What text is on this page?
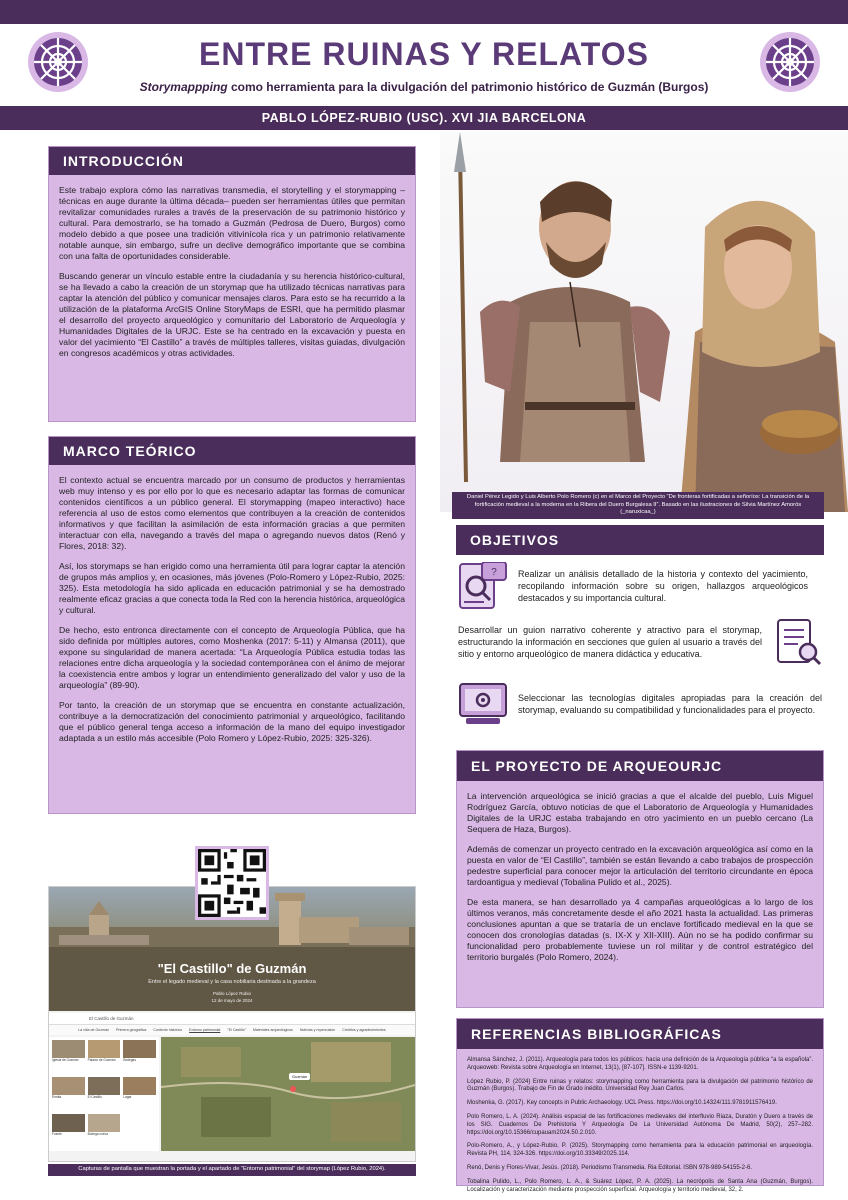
ENTRE RUINAS Y RELATOS
Storymappping como herramienta para la divulgación del patrimonio histórico de Guzmán (Burgos)
PABLO LÓPEZ-RUBIO (USC). XVI JIA BARCELONA
INTRODUCCIÓN

Este trabajo explora cómo las narrativas transmedia, el storytelling y el storymapping –técnicas en auge durante la última década– pueden ser herramientas útiles que permitan revitalizar comunidades rurales a través de la preservación de su patrimonio histórico y cultural. Para demostrarlo, se ha tomado a Guzmán (Pedrosa de Duero, Burgos) como modelo debido a que posee una tradición vitivinícola rica y un patrimonio relativamente notable aunque, sin embargo, sufre un declive demográfico importante que se combina con una falta de oportunidades considerable.

Buscando generar un vínculo estable entre la ciudadanía y su herencia histórico-cultural, se ha llevado a cabo la creación de un storymap que ha utilizado técnicas narrativas para captar la atención del público y comunicar mensajes claros. Para esto se ha recurrido a la utilización de la plataforma ArcGIS Online StoryMaps de ESRI, que ha permitido plasmar el desarrollo del proyecto arqueológico y comunitario del Laboratorio de Arqueología y Humanidades Digitales de la URJC. Este se ha centrado en la excavación y puesta en valor del yacimiento “El Castillo” a través de múltiples talleres, visitas guiadas, divulgación en congresos académicos y otras actividades.

MARCO TEÓRICO

El contexto actual se encuentra marcado por un consumo de productos y herramientas web muy intenso y es por ello por lo que es necesario adaptar las formas de comunicar contenidos científicos a un público general. El storymapping (mapeo interactivo) hace referencia al uso de estos como elementos que contribuyen a la creación de contenidos informativos y que facilitan la asimilación de esta información gracias a que permiten interactuar con ella, navegando a través del mapa o agregando nuevos datos (Renó y Flores, 2018: 32).

Así, los storymaps se han erigido como una herramienta útil para lograr captar la atención de grupos más amplios y, en ocasiones, más jóvenes (Polo-Romero y López-Rubio, 2025: 325). Esta metodología ha sido aplicada en educación patrimonial y se ha demostrado realmente eficaz gracias a que conecta toda la Red con la herencia histórica, arqueológica y cultural.

De hecho, esto entronca directamente con el concepto de Arqueología Pública, que ha sido definida por múltiples autores, como Moshenka (2017: 5-11) y Almansa (2011), que expone su singularidad de manera acertada: “La Arqueología Pública estudia todas las relaciones entre dicha arqueología y la sociedad contemporánea con el ánimo de mejorar la coexistencia entre ambos y lograr un entendimiento generalizado del valor y uso de la arqueología” (89-90).

Por tanto, la creación de un storymap que se encuentra en constante actualización, contribuye a la democratización del conocimiento patrimonial y arqueológico, facilitando que el público general tenga acceso a información de la mano del equipo investigador adaptada a un estilo más accesible (Polo Romero y López-Rubio, 2025: 325-326).

Daniel Pérez Legido y Luis Alberto Polo Romero (c) en el Marco del Proyecto “De fronteras fortificadas a señoríos: La transición de la fortificación medieval a la moderna en la Ribera del Duero Burgalesa II”. Basado en las ilustraciones de Silvia Martínez Amorós (_naruxicaa_)
OBJETIVOS
? Realizar un análisis detallado de la historia y contexto del yacimiento, recopilando información sobre su origen, hallazgos arqueológicos destacados y su importancia cultural.

Desarrollar un guion narrativo coherente y atractivo para el storymap, estructurando la información en secciones que guíen al usuario a través del sitio y entorno arqueológico de manera didáctica y educativa.

Seleccionar las tecnologías digitales apropiadas para la creación del storymap, evaluando su compatibilidad y funcionalidades para el proyecto.

EL PROYECTO DE ARQUEOURJC

La intervención arqueológica se inició gracias a que el alcalde del pueblo, Luis Miguel Rodríguez García, obtuvo noticias de que el Laboratorio de Arqueología y Humanidades Digitales de la URJC estaba trabajando en otro yacimiento en un pueblo cercano (La Sequera de Haza, Burgos).

Además de comenzar un proyecto centrado en la excavación arqueológica así como en la puesta en valor de “El Castillo”, también se están llevando a cabo trabajos de prospección pedestre superficial para conocer mejor la articulación del territorio circundante en época tardoantigua y medieval (Tobalina Pulido et al., 2025).

De esta manera, se han desarrollado ya 4 campañas arqueológicas a lo largo de los últimos veranos, más concretamente desde el año 2021 hasta la actualidad. Las primeras conclusiones apuntan a que se trataría de un enclave fortificado medieval en la que se conocen dos cronologías datadas (s. IX-X y XII-XIII). Aún no se ha podido confirmar su funcionalidad pero probablemente tuviese un rol militar y de control estratégico del territorio burgalés (Polo Romero, 2024).

REFERENCIAS BIBLIOGRÁFICAS

Almansa Sánchez, J. (2011). Arqueología para todos los públicos: hacia una definición de la Arqueología pública “a la española”. Arqueoweb: Revista sobre Arqueología en Internet, 13(1), [87-107]. ISSN-e 1139-9201.

López Rubio, P. (2024) Entre ruinas y relatos: storymapping como herramienta para la divulgación del patrimonio histórico de Guzmán (Burgos). Trabajo de Fin de Grado inédito. Universidad Rey Juan Carlos.

Moshenka, G. (2017). Key concepts in Public Archaeology. UCL Press. https://doi.org/10.14324/111.9781911576419.

Polo Romero, L. A. (2024). Análisis espacial de las fortificaciones medievales del interfluvio Riaza, Duratón y Duero a través de los SIG. Cuadernos De Prehistoria Y Arqueología De La Universidad Autónoma De Madrid, 50(2), 257–282. https://doi.org/10.15366/cupauam2024.50.2.010.

Polo-Romero, A., y López-Rubio, P. (2025). Storymapping como herramienta para la educación patrimonial en arqueología. Revista PH, 114, 324-326. https://doi.org/10.33349/2025.114.

Renó, Denis y Flores-Vivar, Jesús. (2018). Periodismo Transmedia. Ria Editorial. ISBN 978-989-54155-2-6.

Tobalina Pulido, L., Polo Romero, L. A., & Suárez López, P. A. (2025). La necrópolis de Santa Ana (Guzmán, Burgos). Localización y caracterización mediante prospección superficial. Arqueología y territorio medieval, 32, 2.

"El Castillo" de Guzmán
Entre el legado medieval y la casa nobiliaria destinada a la grandeza
Pablo López Rubio
12 de mayo de 2024
El Castillo de Guzmán
La villa de Guzmán Primera geográfica Contexto histórico Entorno patrimonial "El Castillo" Materiales arqueológicos Noticias y repercusión Créditos y agradecimientos
Iglesia de Guzmán	Palacio de Guzmán	Bodegas
Ermita	El Castillo	Lagar
Fuente	Bodega cueva
Guzmán
Capturas de pantalla que muestran la portada y el apartado de “Entorno patrimonial” del storymap (López Rubio, 2024).
